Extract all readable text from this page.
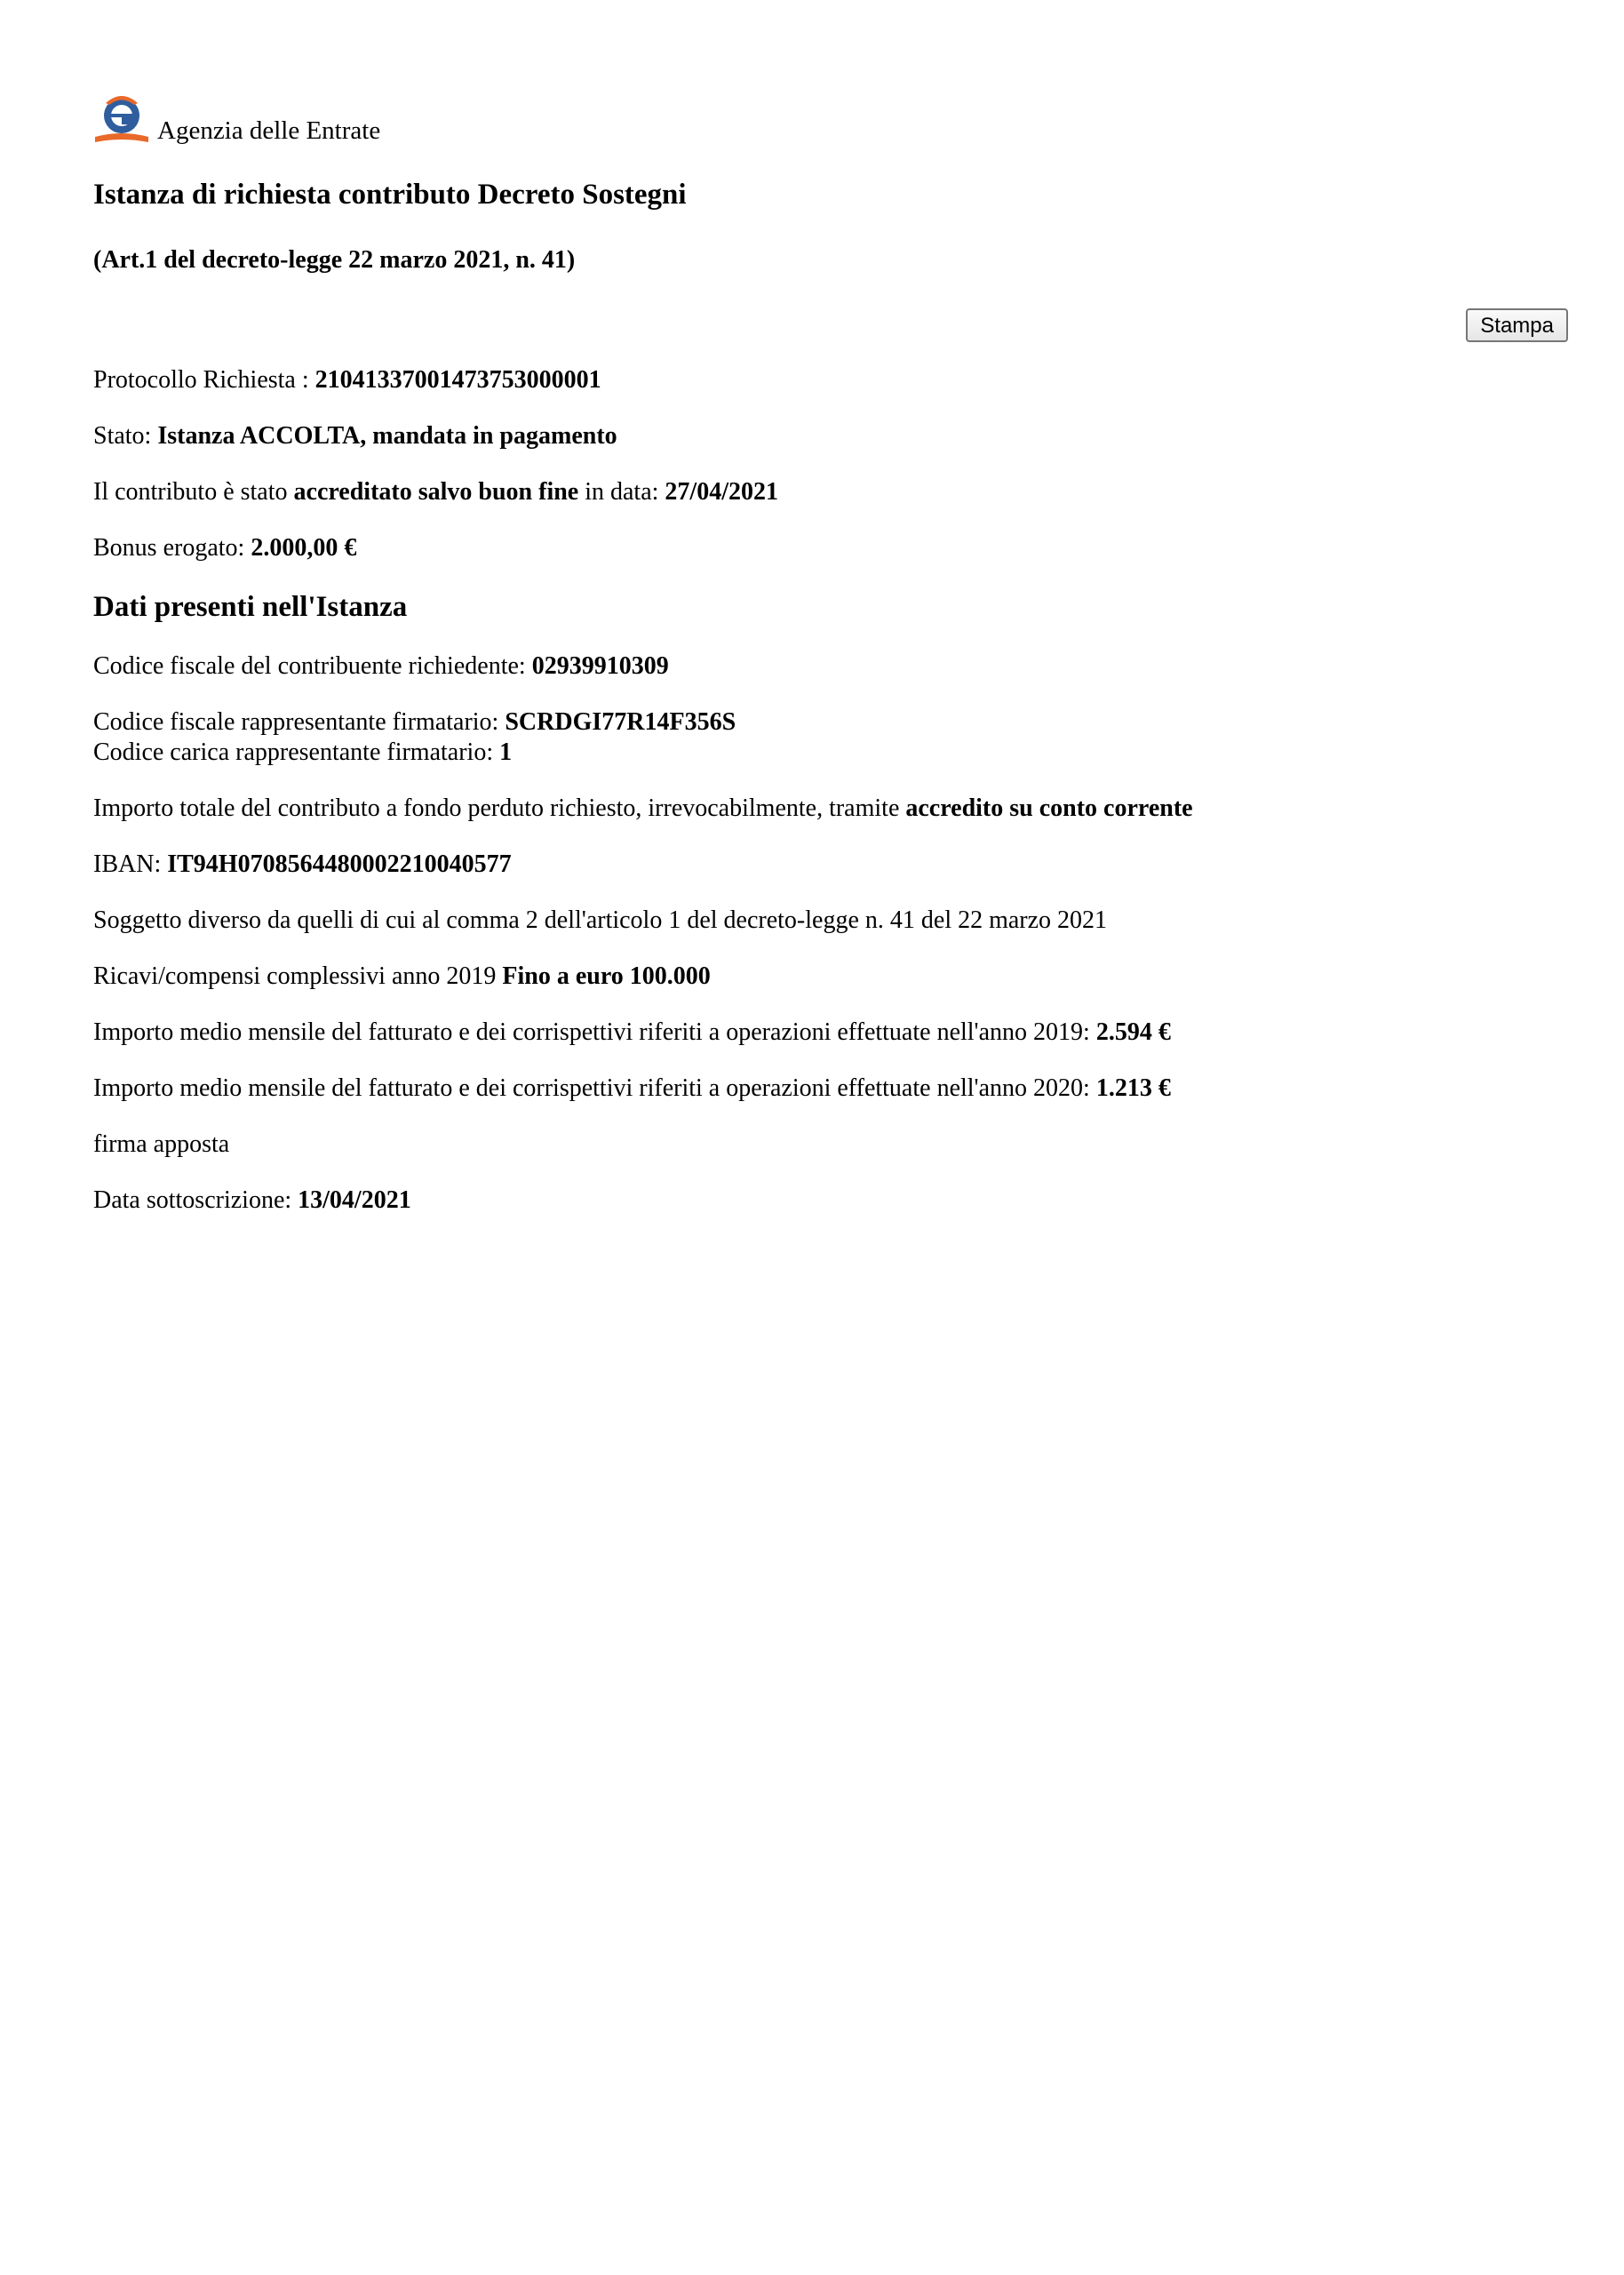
Agenzia delle Entrate
Istanza di richiesta contributo Decreto Sostegni
(Art.1 del decreto-legge 22 marzo 2021, n. 41)
Stampa

Protocollo Richiesta : 21041337001473753000001

Stato: Istanza ACCOLTA, mandata in pagamento

Il contributo è stato accreditato salvo buon fine in data: 27/04/2021

Bonus erogato: 2.000,00 €

Dati presenti nell'Istanza

Codice fiscale del contribuente richiedente: 02939910309

Codice fiscale rappresentante firmatario: SCRDGI77R14F356S

Codice carica rappresentante firmatario: 1

Importo totale del contributo a fondo perduto richiesto, irrevocabilmente, tramite accredito su conto corrente

IBAN: IT94H0708564480002210040577

Soggetto diverso da quelli di cui al comma 2 dell'articolo 1 del decreto-legge n. 41 del 22 marzo 2021

Ricavi/compensi complessivi anno 2019 Fino a euro 100.000

Importo medio mensile del fatturato e dei corrispettivi riferiti a operazioni effettuate nell'anno 2019: 2.594 €

Importo medio mensile del fatturato e dei corrispettivi riferiti a operazioni effettuate nell'anno 2020: 1.213 €

firma apposta

Data sottoscrizione: 13/04/2021
